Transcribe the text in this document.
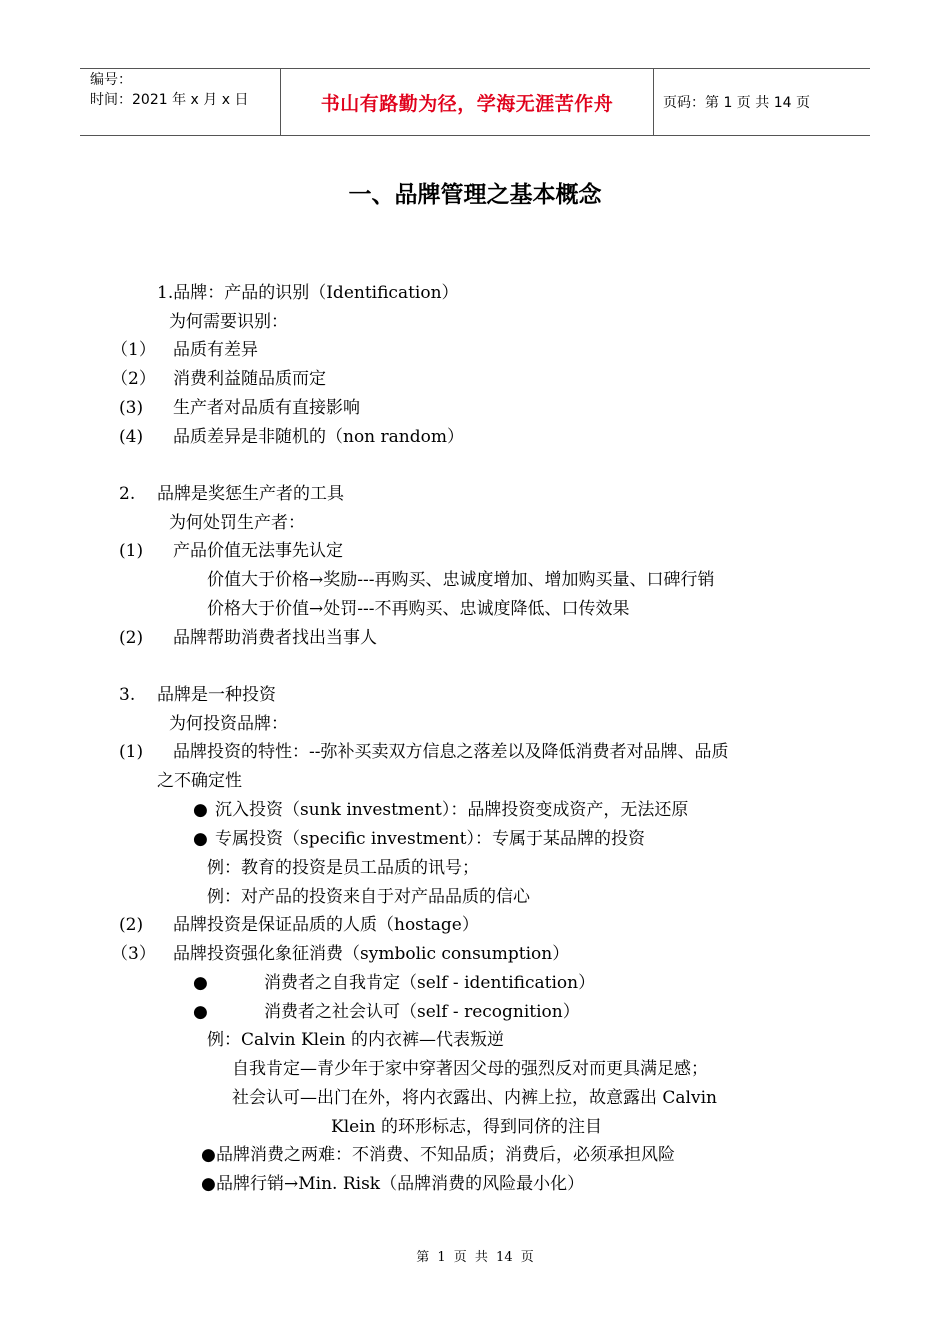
编号：
时间：2021 年 x 月 x 日	书山有路勤为径，学海无涯苦作舟	页码：第 1 页 共 14 页
一、品牌管理之基本概念
1.品牌：产品的识别（Identification）
为何需要识别：
（1） 品质有差异
（2） 消费利益随品质而定
(3) 生产者对品质有直接影响
(4) 品质差异是非随机的（non random）
2. 品牌是奖惩生产者的工具
为何处罚生产者：
(1) 产品价值无法事先认定
价值大于价格→奖励---再购买、忠诚度增加、增加购买量、口碑行销
价格大于价值→处罚---不再购买、忠诚度降低、口传效果
(2) 品牌帮助消费者找出当事人
3. 品牌是一种投资
为何投资品牌：
(1) 品牌投资的特性：--弥补买卖双方信息之落差以及降低消费者对品牌、品质
之不确定性
● 沉入投资（sunk investment）：品牌投资变成资产，无法还原
● 专属投资（specific investment）：专属于某品牌的投资
例：教育的投资是员工品质的讯号；
例：对产品的投资来自于对产品品质的信心
(2) 品牌投资是保证品质的人质（hostage）
（3） 品牌投资强化象征消费（symbolic consumption）
●	消费者之自我肯定（self - identification）
●	消费者之社会认可（self - recognition）
例：Calvin Klein 的内衣裤—代表叛逆
自我肯定—青少年于家中穿著因父母的强烈反对而更具满足感；
社会认可—出门在外，将内衣露出、内裤上拉，故意露出 Calvin
Klein 的环形标志，得到同侪的注目
● 品牌消费之两难：不消费、不知品质；消费后，必须承担风险
● 品牌行销→Min. Risk（品牌消费的风险最小化）
第 1 页 共 14 页
